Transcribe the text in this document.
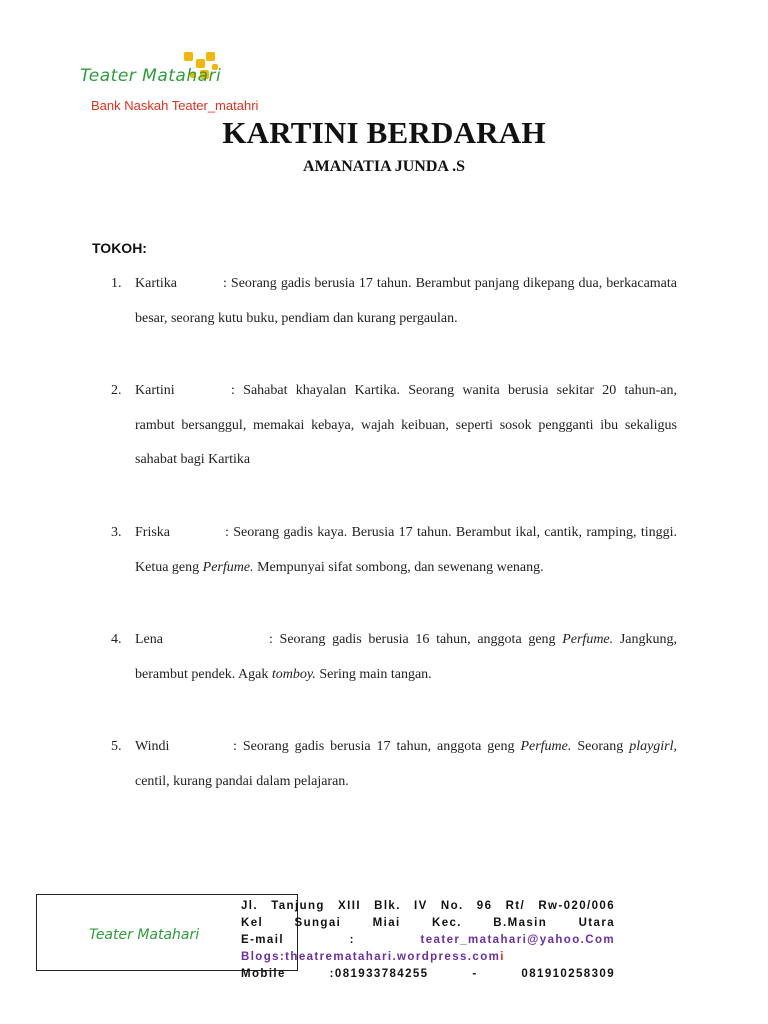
Teater Matahari
Bank Naskah Teater_matahri
KARTINI BERDARAH
AMANATIA JUNDA .S
TOKOH:
1. Kartika	: Seorang gadis berusia 17 tahun. Berambut panjang dikepang dua, berkacamata besar, seorang kutu buku, pendiam dan kurang pergaulan.
2. Kartini	: Sahabat khayalan Kartika. Seorang wanita berusia sekitar 20 tahun-an, rambut bersanggul, memakai kebaya, wajah keibuan, seperti sosok pengganti ibu sekaligus sahabat bagi Kartika
3. Friska	: Seorang gadis kaya. Berusia 17 tahun. Berambut ikal, cantik, ramping, tinggi. Ketua geng Perfume. Mempunyai sifat sombong, dan sewenang wenang.
4. Lena	: Seorang gadis berusia 16 tahun, anggota geng Perfume. Jangkung, berambut pendek. Agak tomboy. Sering main tangan.
5. Windi	: Seorang gadis berusia 17 tahun, anggota geng Perfume. Seorang playgirl, centil, kurang pandai dalam pelajaran.
Teater Matahari
Jl. Tanjung XIII Blk. IV No. 96 Rt/ Rw-020/006
Kel Sungai Miai Kec. B.Masin Utara
E-mail :	teater_matahari@yahoo.Com
Blogs:theatrematahari.wordpress.comi
Mobile :081933784255 - 081910258309
